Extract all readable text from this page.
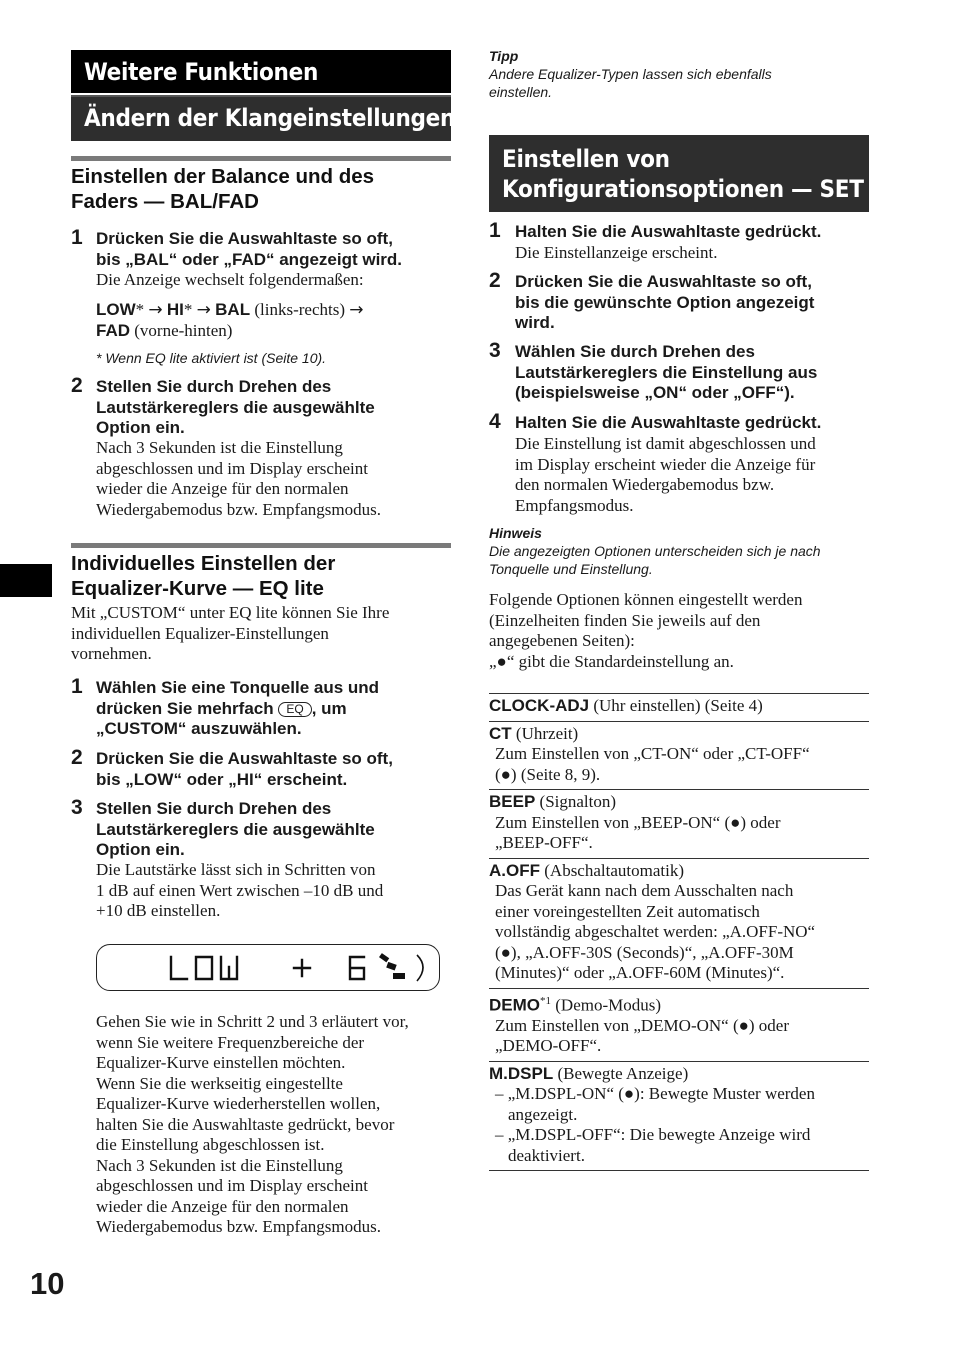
Weitere Funktionen
Ändern der Klangeinstellungen
Einstellen der Balance und des
Faders — BAL/FAD
1 Drücken Sie die Auswahltaste so oft,
bis „BAL“ oder „FAD“ angezeigt wird.
Die Anzeige wechselt folgendermaßen:
LOW* → HI* → BAL (links-rechts) →
FAD (vorne-hinten)
* Wenn EQ lite aktiviert ist (Seite 10).
2 Stellen Sie durch Drehen des
Lautstärkereglers die ausgewählte
Option ein.
Nach 3 Sekunden ist die Einstellung
abgeschlossen und im Display erscheint
wieder die Anzeige für den normalen
Wiedergabemodus bzw. Empfangsmodus.
Individuelles Einstellen der
Equalizer-Kurve — EQ lite
Mit „CUSTOM“ unter EQ lite können Sie Ihre
individuellen Equalizer-Einstellungen
vornehmen.
1 Wählen Sie eine Tonquelle aus und
drücken Sie mehrfach EQ , um
„CUSTOM“ auszuwählen.
2 Drücken Sie die Auswahltaste so oft,
bis „LOW“ oder „HI“ erscheint.
3 Stellen Sie durch Drehen des
Lautstärkereglers die ausgewählte
Option ein.
Die Lautstärke lässt sich in Schritten von
1 dB auf einen Wert zwischen –10 dB und
+10 dB einstellen.
Gehen Sie wie in Schritt 2 und 3 erläutert vor,
wenn Sie weitere Frequenzbereiche der
Equalizer-Kurve einstellen möchten.
Wenn Sie die werkseitig eingestellte
Equalizer-Kurve wiederherstellen wollen,
halten Sie die Auswahltaste gedrückt, bevor
die Einstellung abgeschlossen ist.
Nach 3 Sekunden ist die Einstellung
abgeschlossen und im Display erscheint
wieder die Anzeige für den normalen
Wiedergabemodus bzw. Empfangsmodus.
10
Tipp
Andere Equalizer-Typen lassen sich ebenfalls
einstellen.
Einstellen von
Konfigurationsoptionen — SET
1 Halten Sie die Auswahltaste gedrückt.
Die Einstellanzeige erscheint.
2 Drücken Sie die Auswahltaste so oft,
bis die gewünschte Option angezeigt
wird.
3 Wählen Sie durch Drehen des
Lautstärkereglers die Einstellung aus
(beispielsweise „ON“ oder „OFF“).
4 Halten Sie die Auswahltaste gedrückt.
Die Einstellung ist damit abgeschlossen und
im Display erscheint wieder die Anzeige für
den normalen Wiedergabemodus bzw.
Empfangsmodus.
Hinweis
Die angezeigten Optionen unterscheiden sich je nach
Tonquelle und Einstellung.
Folgende Optionen können eingestellt werden
(Einzelheiten finden Sie jeweils auf den
angegebenen Seiten):
„●“ gibt die Standardeinstellung an.
CLOCK-ADJ (Uhr einstellen) (Seite 4)
CT (Uhrzeit)
Zum Einstellen von „CT-ON“ oder „CT-OFF“
(●) (Seite 8, 9).
BEEP (Signalton)
Zum Einstellen von „BEEP-ON“ (●) oder
„BEEP-OFF“.
A.OFF (Abschaltautomatik)
Das Gerät kann nach dem Ausschalten nach
einer voreingestellten Zeit automatisch
vollständig abgeschaltet werden: „A.OFF-NO“
(●), „A.OFF-30S (Seconds)“, „A.OFF-30M
(Minutes)“ oder „A.OFF-60M (Minutes)“.
DEMO$^{*1}$ (Demo-Modus)
Zum Einstellen von „DEMO-ON“ (●) oder
„DEMO-OFF“.
M.DSPL (Bewegte Anzeige)
– „M.DSPL-ON“ (●): Bewegte Muster werden
angezeigt.
– „M.DSPL-OFF“: Die bewegte Anzeige wird
deaktiviert.
